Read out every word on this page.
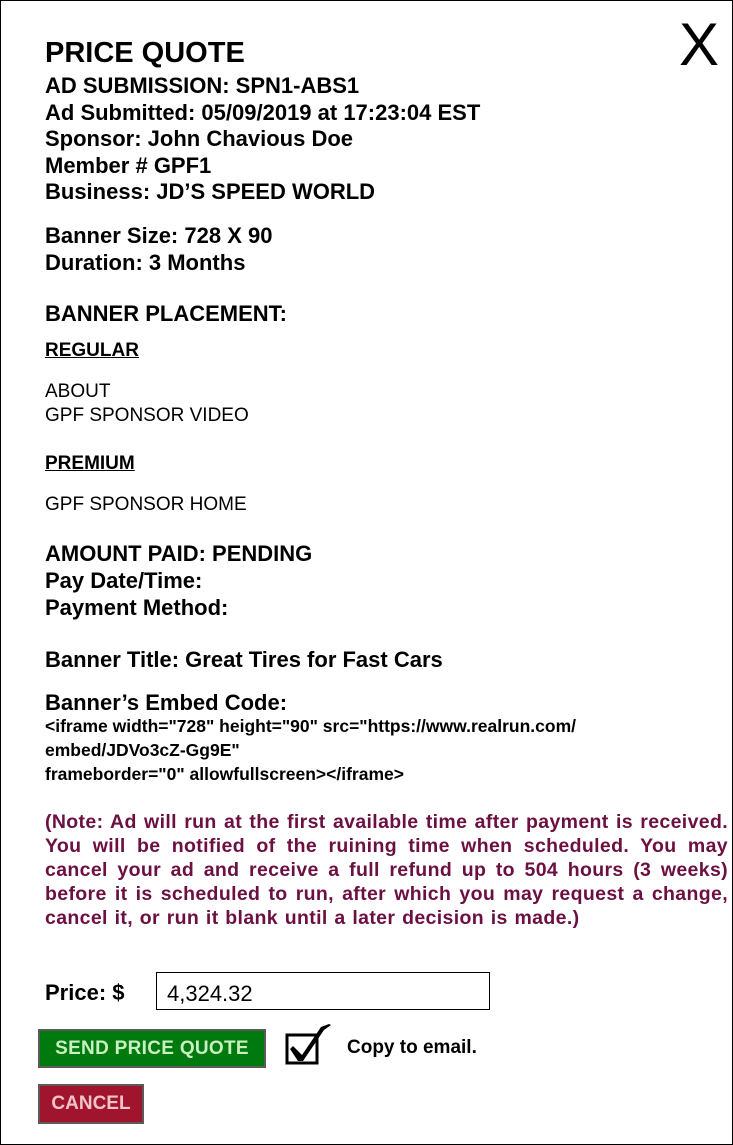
X
PRICE QUOTE
AD SUBMISSION: SPN1-ABS1
Ad Submitted: 05/09/2019 at 17:23:04 EST
Sponsor: John Chavious Doe
Member # GPF1
Business: JD’S SPEED WORLD
Banner Size: 728 X 90
Duration: 3 Months
BANNER PLACEMENT:
REGULAR
ABOUT
GPF SPONSOR VIDEO
PREMIUM
GPF SPONSOR HOME
AMOUNT PAID: PENDING
Pay Date/Time:
Payment Method:
Banner Title: Great Tires for Fast Cars
Banner’s Embed Code:
<iframe width="728" height="90" src="https://www.realrun.com/
embed/JDVo3cZ-Gg9E"
frameborder="0" allowfullscreen></iframe>
(Note: Ad will run at the first available time after payment is received. You will be notified of the ruining time when scheduled. You may cancel your ad and receive a full refund up to 504 hours (3 weeks) before it is scheduled to run, after which you may request a change, cancel it, or run it blank until a later decision is made.)
Price: $
4,324.32
SEND PRICE QUOTE	Copy to email.
CANCEL
